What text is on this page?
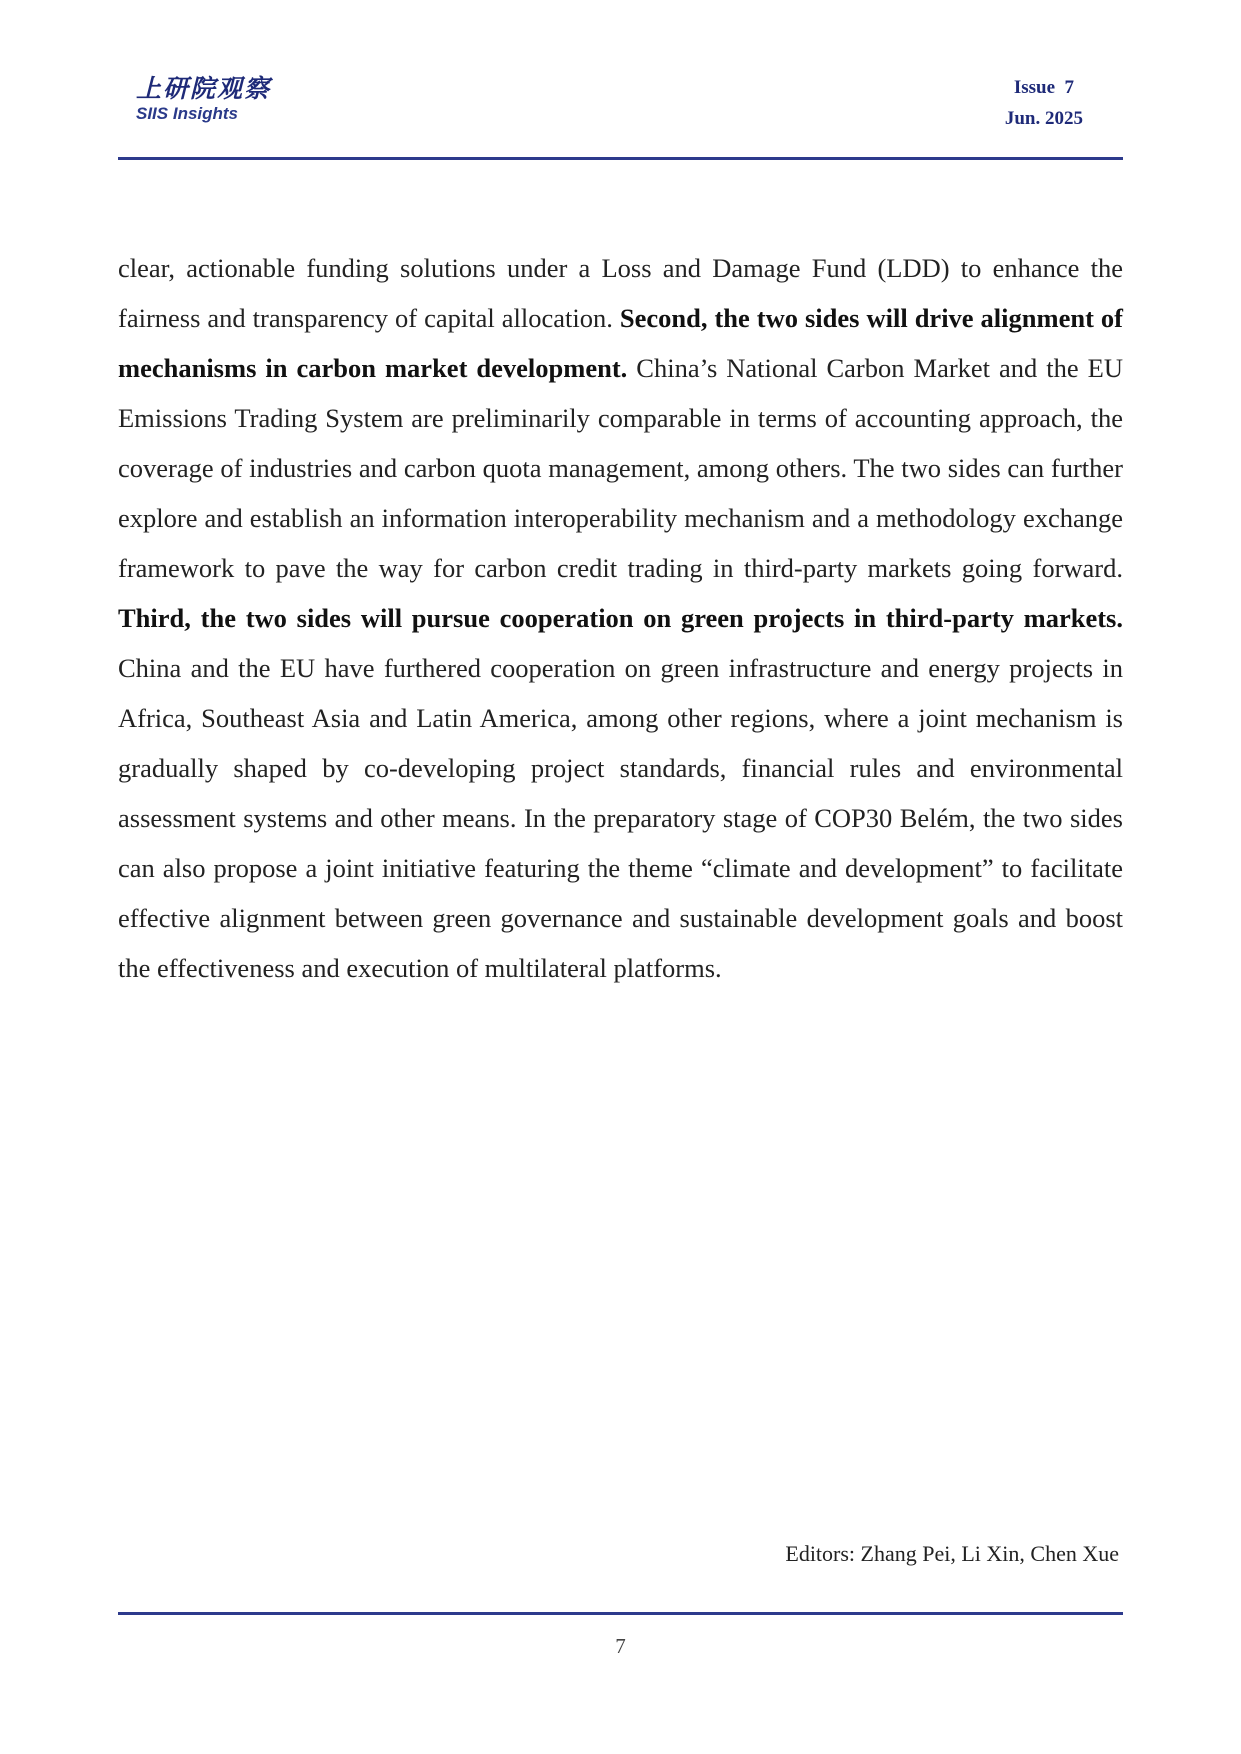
上研院观察
SIIS Insights
Issue  7
Jun. 2025

clear, actionable funding solutions under a Loss and Damage Fund (LDD) to enhance the fairness and transparency of capital allocation. Second, the two sides will drive alignment of mechanisms in carbon market development. China’s National Carbon Market and the EU Emissions Trading System are preliminarily comparable in terms of accounting approach, the coverage of industries and carbon quota management, among others. The two sides can further explore and establish an information interoperability mechanism and a methodology exchange framework to pave the way for carbon credit trading in third-party markets going forward. Third, the two sides will pursue cooperation on green projects in third-party markets. China and the EU have furthered cooperation on green infrastructure and energy projects in Africa, Southeast Asia and Latin America, among other regions, where a joint mechanism is gradually shaped by co-developing project standards, financial rules and environmental assessment systems and other means. In the preparatory stage of COP30 Belém, the two sides can also propose a joint initiative featuring the theme “climate and development” to facilitate effective alignment between green governance and sustainable development goals and boost the effectiveness and execution of multilateral platforms.

Editors: Zhang Pei, Li Xin, Chen Xue
7
